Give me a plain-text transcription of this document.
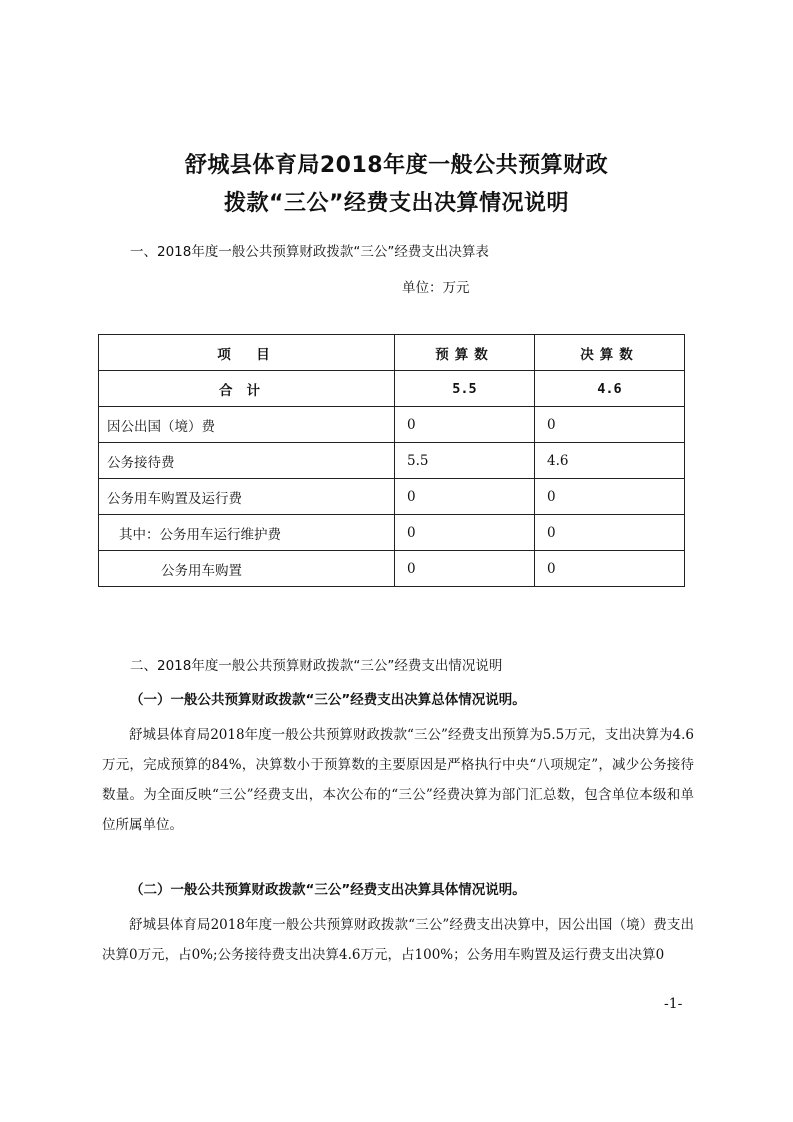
舒城县体育局2018年度一般公共预算财政
拨款“三公”经费支出决算情况说明
一、2018年度一般公共预算财政拨款“三公”经费支出决算表
单位：万元
项　目	预算数	决算数
合计	5.5	4.6
因公出国（境）费	0	0
公务接待费	5.5	4.6
公务用车购置及运行费	0	0
其中：公务用车运行维护费	0	0
公务用车购置	0	0
二、2018年度一般公共预算财政拨款“三公”经费支出情况说明
（一）一般公共预算财政拨款“三公”经费支出决算总体情况说明。

舒城县体育局2018年度一般公共预算财政拨款“三公”经费支出预算为5.5万元，支出决算为4.6万元，完成预算的84%，决算数小于预算数的主要原因是严格执行中央“八项规定”，减少公务接待数量。为全面反映“三公”经费支出，本次公布的“三公”经费决算为部门汇总数，包含单位本级和单位所属单位。

（二）一般公共预算财政拨款“三公”经费支出决算具体情况说明。

舒城县体育局2018年度一般公共预算财政拨款“三公”经费支出决算中，因公出国（境）费支出决算0万元，占0%;公务接待费支出决算4.6万元，占100%；公务用车购置及运行费支出决算0

-1-
